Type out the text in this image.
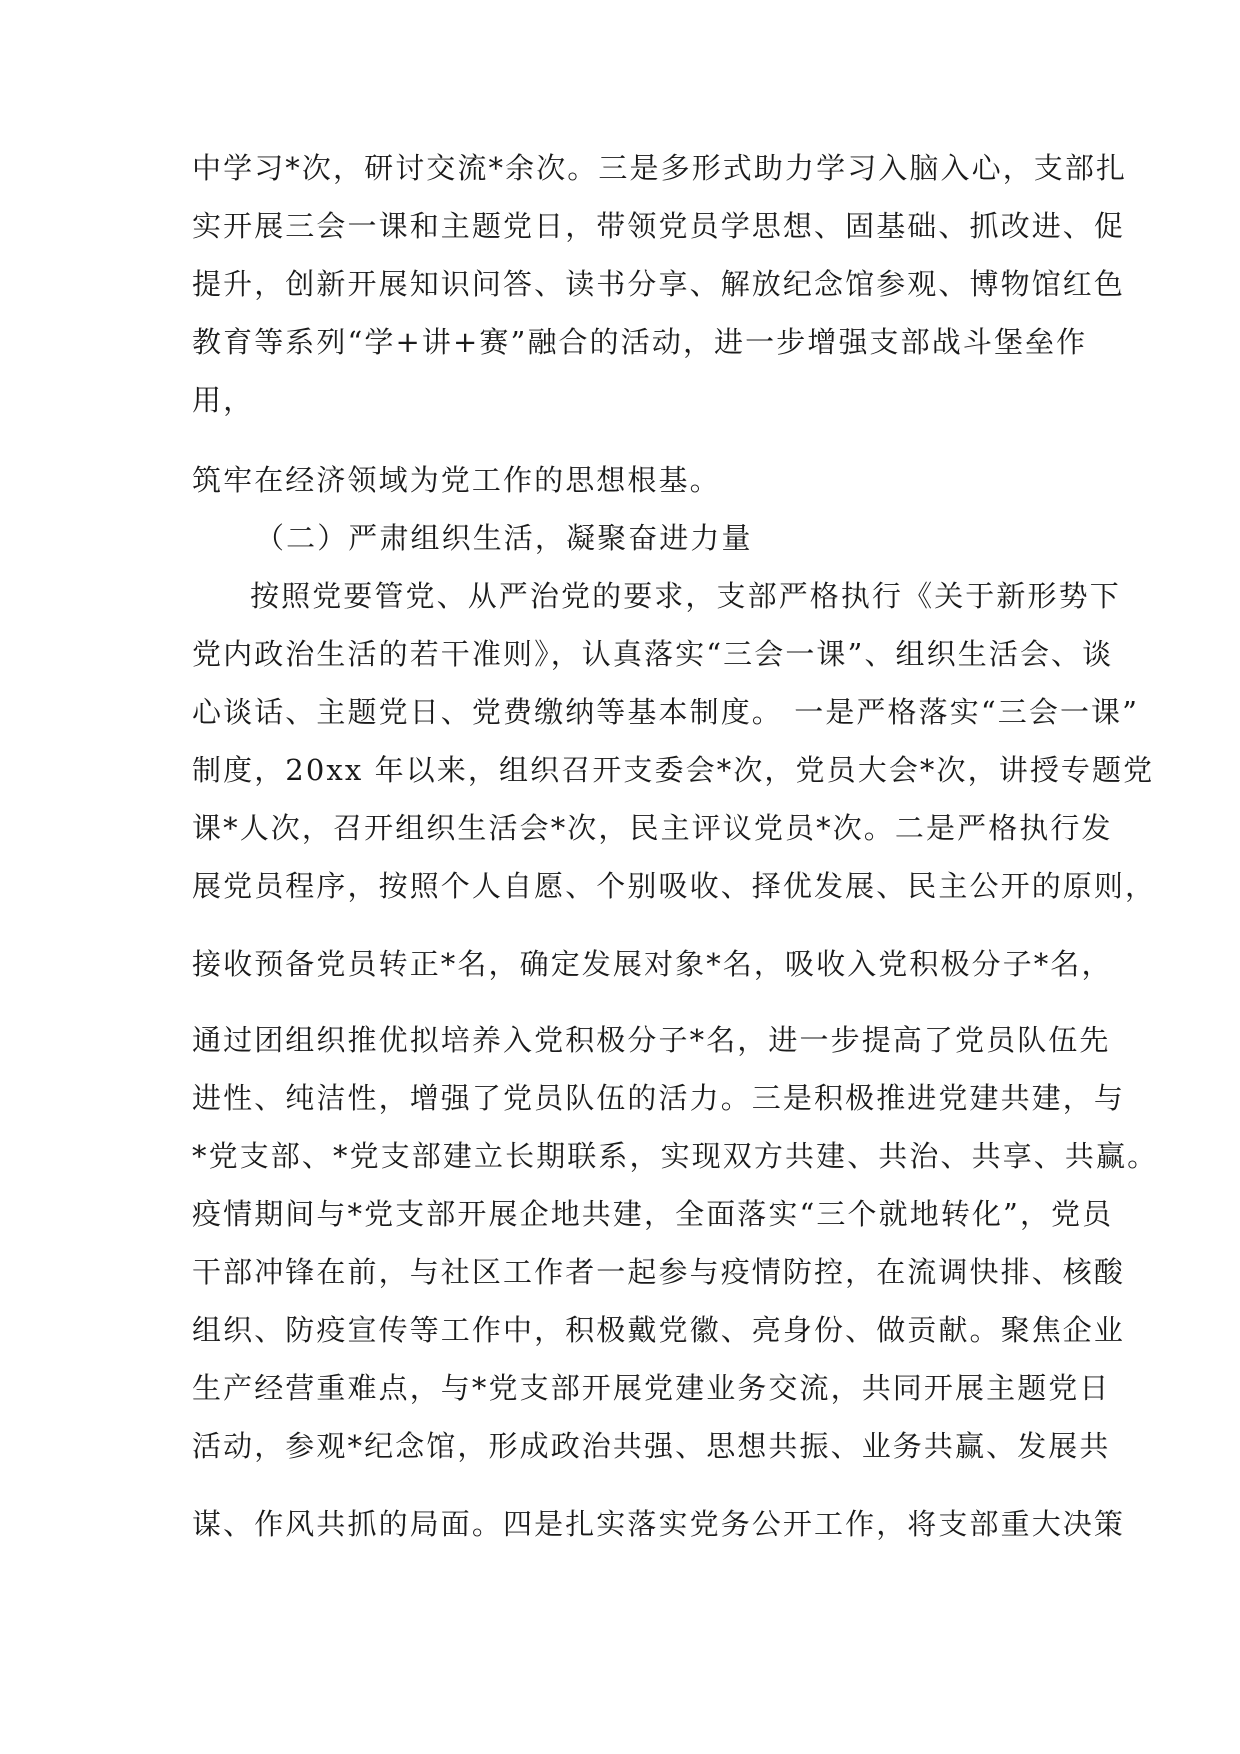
中学习*次，研讨交流*余次。三是多形式助力学习入脑入心，支部扎
实开展三会一课和主题党日，带领党员学思想、固基础、抓改进、促
提升，创新开展知识问答、读书分享、解放纪念馆参观、博物馆红色
教育等系列“学+讲+赛”融合的活动，进一步增强支部战斗堡垒作
用，
筑牢在经济领域为党工作的思想根基。
（二）严肃组织生活，凝聚奋进力量
按照党要管党、从严治党的要求，支部严格执行《关于新形势下
党内政治生活的若干准则》，认真落实“三会一课”、组织生活会、谈
心谈话、主题党日、党费缴纳等基本制度。 一是严格落实“三会一课”
制度，20xx 年以来，组织召开支委会*次，党员大会*次，讲授专题党
课*人次，召开组织生活会*次，民主评议党员*次。二是严格执行发
展党员程序，按照个人自愿、个别吸收、择优发展、民主公开的原则，
接收预备党员转正*名，确定发展对象*名，吸收入党积极分子*名，
通过团组织推优拟培养入党积极分子*名，进一步提高了党员队伍先
进性、纯洁性，增强了党员队伍的活力。三是积极推进党建共建，与
*党支部、*党支部建立长期联系，实现双方共建、共治、共享、共赢。
疫情期间与*党支部开展企地共建，全面落实“三个就地转化”，党员
干部冲锋在前，与社区工作者一起参与疫情防控，在流调快排、核酸
组织、防疫宣传等工作中，积极戴党徽、亮身份、做贡献。聚焦企业
生产经营重难点，与*党支部开展党建业务交流，共同开展主题党日
活动，参观*纪念馆，形成政治共强、思想共振、业务共赢、发展共
谋、作风共抓的局面。四是扎实落实党务公开工作，将支部重大决策
